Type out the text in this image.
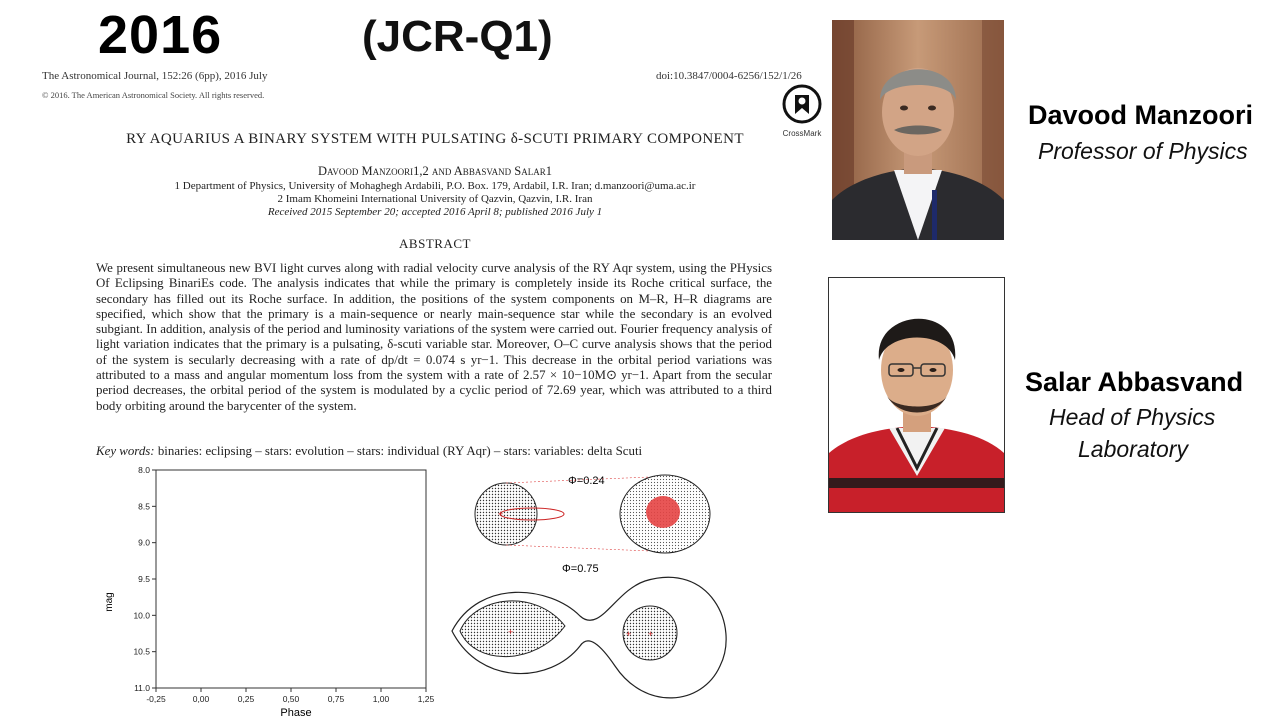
2016	(JCR-Q1)
The Astronomical Journal, 152:26 (6pp), 2016 July	doi:10.3847/0004-6256/152/1/26
© 2016. The American Astronomical Society. All rights reserved.
CrossMark
RY AQUARIUS A BINARY SYSTEM WITH PULSATING δ-SCUTI PRIMARY COMPONENT
Davood Manzoori1,2 and Abbasvand Salar1
1 Department of Physics, University of Mohaghegh Ardabili, P.O. Box. 179, Ardabil, I.R. Iran; d.manzoori@uma.ac.ir
2 Imam Khomeini International University of Qazvin, Qazvin, I.R. Iran
Received 2015 September 20; accepted 2016 April 8; published 2016 July 1
ABSTRACT
We present simultaneous new BVI light curves along with radial velocity curve analysis of the RY Aqr system, using the PHysics Of Eclipsing BinariEs code. The analysis indicates that while the primary is completely inside its Roche critical surface, the secondary has filled out its Roche surface. In addition, the positions of the system components on M–R, H–R diagrams are specified, which show that the primary is a main-sequence or nearly main-sequence star while the secondary is an evolved subgiant. In addition, analysis of the period and luminosity variations of the system were carried out. Fourier frequency analysis of light variation indicates that the primary is a pulsating, δ-scuti variable star. Moreover, O–C curve analysis shows that the period of the system is secularly decreasing with a rate of dp/dt = 0.074 s yr−1. This decrease in the orbital period variations was attributed to a mass and angular momentum loss from the system with a rate of 2.57 × 10−10M⊙ yr−1. Apart from the secular period decreases, the orbital period of the system is modulated by a cyclic period of 72.69 year, which was attributed to a third body orbiting around the barycenter of the system.
Key words: binaries: eclipsing – stars: evolution – stars: individual (RY Aqr) – stars: variables: delta Scuti
-0,25	0,00	0,25	0,50	0,75	1,00	1,25
8.0
8.5
9.0
9.5
10.0
10.5
11.0
mag
Phase
Φ=0.24
+
Φ=0.75
+	+ +
Davood Manzoori
Professor of Physics
Salar Abbasvand
Head of Physics
Laboratory
